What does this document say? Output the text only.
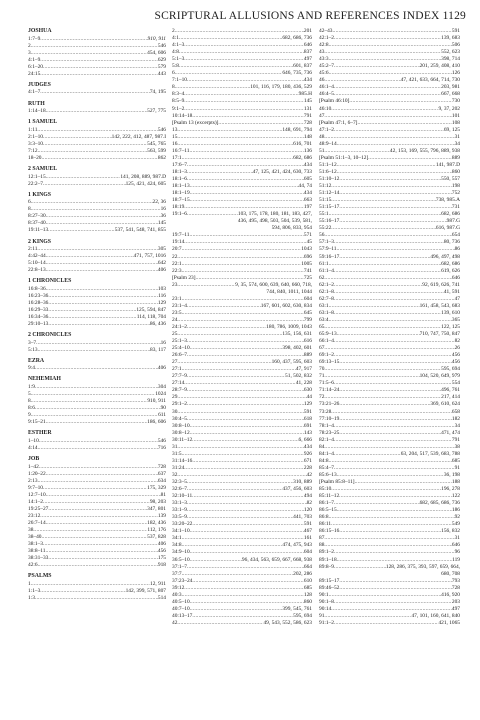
SCRIPTURAL ALLUSIONS AND REFERENCES INDEX 1129
JOSHUA
1:7–9 .....	910, 911
2 .....	546
3 .....	454, 606
4:1–9 .....	629
6:1–20 .....	579
24:15 .....	443
JUDGES
4:1–7 .....	74, 195
RUTH
1:14–18 .....	527, 775
1 SAMUEL
1:11 .....	546
2:1–10 .....	142, 222, 412, 487, 987.I
3:3–10 .....	545, 765
7:12 .....	563, 599
18–20 .....	862
2 SAMUEL
12:1–15 .....	141, 208, 889, 987.D
22:2–7 .....	125, 421, 424, 605
1 KINGS
6 .....	22, 36
8 .....	16
8:27–30 .....	36
8:37–40 .....	145
19:11–13 .....	537, 541, 548, 741, 855
2 KINGS
2:11 .....	305
4:42–44 .....	471, 757, 1016
5:10–14 .....	642
22:8–13 .....	406
1 CHRONICLES
16:8–36 .....	103
16:23–36 .....	116
16:28–36 .....	129
16:29–33 .....	125, 594, 847
16:34–36 .....	114, 118, 704
29:10–13 .....	86, 436
2 CHRONICLES
3–7 .....	16
5:13 .....	83, 117
EZRA
9:4 .....	406
NEHEMIAH
1:9 .....	304
5 .....	1024
8 .....	910, 911
8:6 .....	90
9 .....	611
9:15–21 .....	186, 606
ESTHER
1–10 .....	546
4:14 .....	716
JOB
1–42 .....	728
1:20–22 .....	637
2:13 .....	634
9:7–10 .....	175, 329
12:7–10 .....	81
14:1–2 .....	98, 203
19:25–27 .....	347, 801
23:12 .....	139
26:7–14 .....	182, 436
38 .....	112, 176
38–40 .....	537, 828
38:1–3 .....	406
38:8–11 .....	456
38:31–33 .....	175
42:6 .....	918
PSALMS
1 .....	12, 911
1:1–3 .....	142, 399, 571, 807
1:3 .....	514
2 .....	201
4:1 .....	682, 686, 736
4:1–3 .....	646
4:8 .....	837
5:1–3 .....	497
5:8 .....	601, 837
6 .....	646, 735, 736
7:1–10 .....	434
8 .....	101, 116, 179, 180, 436, 529
8:3–4 .....	985.H
8:5–9 .....	145
9:1–2 .....	131
10:14–18 .....	791
[Psalm 13 (excerpts)] .....	728
13 .....	148, 691, 794
15 .....	148
16 .....	616, 701
16:7–11 .....	136
17:1 .....	682, 686
17:6–7 .....	434
18:1–3 .....	47, 125, 421, 424, 630, 733
18:1–6 .....	605
18:1–13 .....	44, 74
18:1–19 .....	434
18:7–15 .....	663
18:19 .....	197
19:1–6 .....	103, 175, 178, 180, 181, 183, 427,
436, 495, 498, 503, 504, 539, 581,
594, 806, 833, 954
19:7–11 .....	571
19:14 .....	45
20:7 .....	1043
22 .....	696
22:1 .....	1005
22:3 .....	741
[Psalm 23] .....	725
23 .....	9, 35, 574, 600, 639, 640, 660, 718,
744, 840, 1011, 1044
23:1 .....	604
23:1–4 .....	167, 601, 602, 630, 834
23:5 .....	645
24 .....	799
24:1–2 .....	180, 786, 1009, 1043
25 .....	135, 156, 631
25:1–3 .....	616
25:4–10 .....	398, 402, 601
26:6–7 .....	889
27 .....	160, 437, 595, 603
27:1 .....	47, 917
27:7–9 .....	51, 502, 832
27:14 .....	41, 228
28:7–9 .....	630
29 .....	44
29:1–2 .....	129
30 .....	591
30:4–5 .....	618
30:8–10 .....	691
30:8–12 .....	143
30:11–12 .....	6, 666
31 .....	434
31:5 .....	926
31:14–16 .....	671
31:24 .....	228
32 .....	42
32:3–5 .....	310, 889
32:6–7 .....	437, 456, 603
32:10–11 .....	494
33:1–3 .....	82
33:1–9 .....	120
33:5–9 .....	441, 703
33:20–22 .....	591
34:1–10 .....	467
34:1 .....	161
34:8 .....	474, 475, 943
34:9–10 .....	604
36:5–10 .....	96, 434, 563, 659, 667, 668, 938
37:1–7 .....	664
37:7 .....	202, 286
37:23–24 .....	610
39:12 .....	685
40:3 .....	128
40:5–10 .....	860
40:7–10 .....	399, 545, 761
40:13–17 .....	595, 694
42 .....	49, 543, 552, 586, 623
42–43 .....	591
42:1–2 .....	139, 683
42:8 .....	506
43 .....	552, 623
43:3 .....	398, 714
45:2–7 .....	201, 259, 408, 410
45:6 .....	126
46 .....	47, 421, 633, 664, 714, 730
46:1–4 .....	203, 981
46:4–5 .....	667, 668
[Psalm 46:10] .....	730
46:10 .....	9, 37, 202
47 .....	101
[Psalm 47:1, 6–7] .....	108
47:1–2 .....	69, 125
48 .....	31
48:9–14 .....	34
51 .....	42, 153, 169, 555, 796, 889, 938
[Psalm 51:1–3, 10–12] .....	889
51:1–12 .....	141, 987.D
51:6–12 .....	860
51:10–12 .....	550, 557
51:12 .....	198
51:12–14 .....	752
51:15 .....	738, 985.A
51:15–17 .....	731
55:1 .....	682, 686
55:16–17 .....	987.G
55:22 .....	616, 987.G
56 .....	654
57:1–3 .....	80, 736
57:9–11 .....	86
59:16–17 .....	496, 497, 498
61:1 .....	682, 686
61:1–4 .....	619, 626
62 .....	646
62:1–2 .....	92, 619, 626, 741
62:1–8 .....	41, 591
62:7–8 .....	47
63:1 .....	161, 458, 543, 683
63:1–8 .....	139, 610
63:4 .....	365
65 .....	122, 125
65:9–13 .....	710, 747, 750, 847
66:1–4 .....	82
67 .....	26
69:1–2 .....	456
69:13–15 .....	456
70 .....	595, 694
71 .....	104, 520, 649, 979
71:5–6 .....	554
71:14–24 .....	496, 761
72 .....	217, 414
73:21–26 .....	369, 610, 624
73:28 .....	658
77:10–19 .....	182
78:1–4 .....	34
78:23–25 .....	471, 474
82:1–4 .....	791
84 .....	38
84:1–4 .....	63, 204, 517, 539, 683, 788
84:8 .....	685
85:4–7 .....	91
85:6–13 .....	36, 198
[Psalm 85:8–11] .....	188
85:10 .....	196, 278
85:11–12 .....	122
86:1–7 .....	682, 685, 686, 736
86:5–15 .....	186
86:8 .....	92
86:11 .....	549
86:15–16 .....	156, 832
87 .....	31
88 .....	646
89:1–2 .....	96
89:1–18 .....	119
89:8–9 .....	128, 286, 375, 393, 597, 659, 664,
680, 708
89:15–17 .....	793
89:46–52 .....	728
90:1 .....	416, 920
90:1–8 .....	203
90:14 .....	497
91 .....	47, 101, 160, 641, 840
91:1–2 .....	421, 1065
